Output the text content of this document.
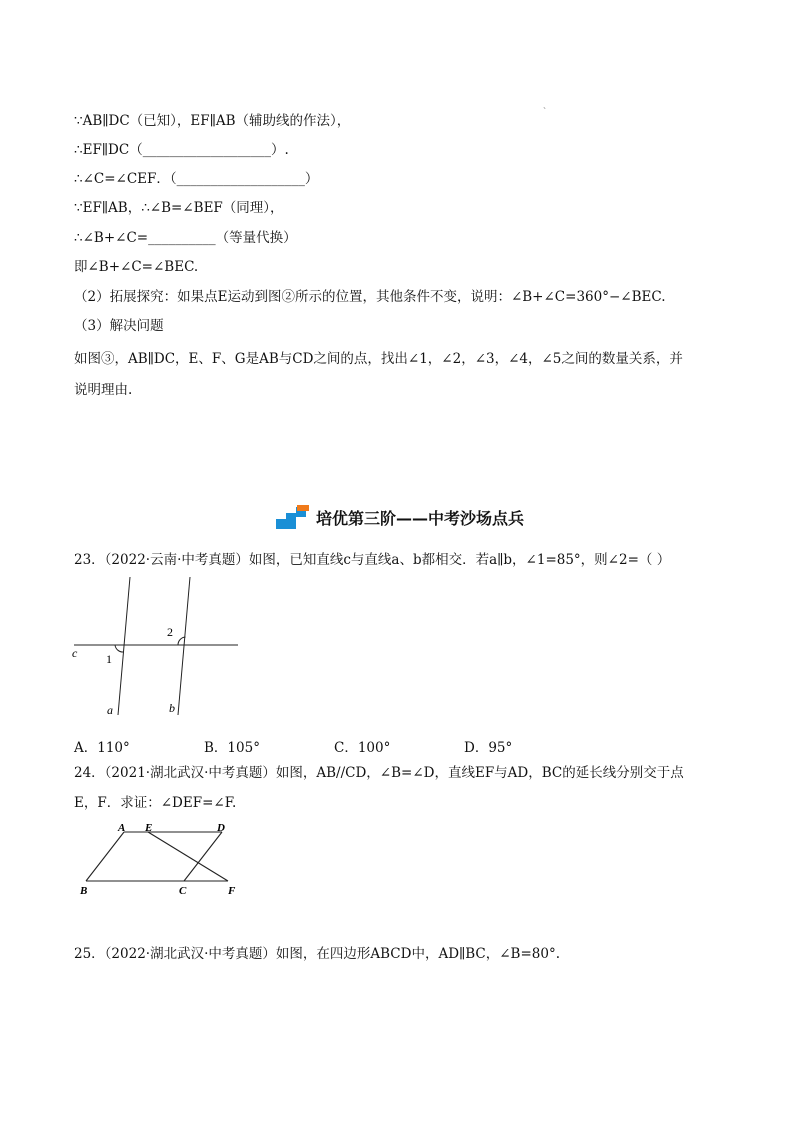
、
∵AB∥DC（已知），EF∥AB（辅助线的作法），
∴EF∥DC（___________________）.
∴∠C=∠CEF．（___________________）
∵EF∥AB，∴∠B=∠BEF（同理），
∴∠B+∠C=__________（等量代换）
即∠B+∠C=∠BEC.
（2）拓展探究：如果点E运动到图②所示的位置，其他条件不变，说明：∠B+∠C=360°−∠BEC.
（3）解决问题
如图③，AB∥DC，E、F、G是AB与CD之间的点，找出∠1，∠2，∠3，∠4，∠5之间的数量关系，并
说明理由.
培优第三阶——中考沙场点兵
23．（2022·云南·中考真题）如图，已知直线c与直线a、b都相交．若a∥b，∠1=85°，则∠2=（ ）
c 1
2
a	b
A．110°	B．105°	C．100°	D．95°
24．（2021·湖北武汉·中考真题）如图，AB//CD，∠B=∠D，直线EF与AD，BC的延长线分别交于点
E，F．求证：∠DEF=∠F.
A E	D
B	C	F
25．（2022·湖北武汉·中考真题）如图，在四边形ABCD中，AD∥BC，∠B=80°.
